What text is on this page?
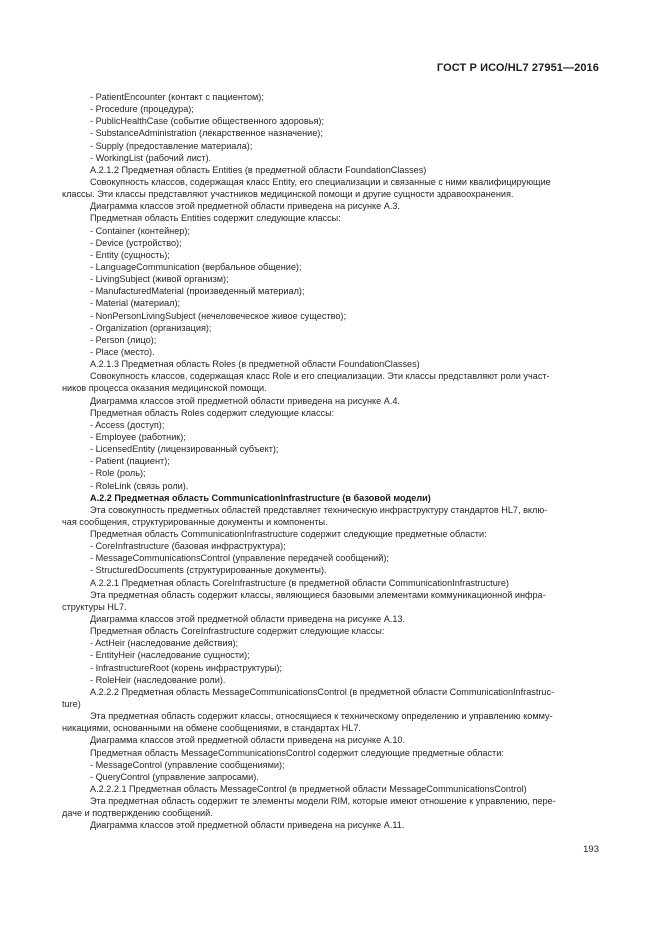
ГОСТ Р ИСО/HL7 27951—2016
- PatientEncounter (контакт с пациентом);
- Procedure (процедура);
- PublicHealthCase (событие общественного здоровья);
- SubstanceAdministration (лекарственное назначение);
- Supply (предоставление материала);
- WorkingList (рабочий лист).
A.2.1.2 Предметная область Entities (в предметной области FoundationClasses)
Совокупность классов, содержащая класс Entity, его специализации и связанные с ними квалифицирующие
классы. Эти классы представляют участников медицинской помощи и другие сущности здравоохранения.
Диаграмма классов этой предметной области приведена на рисунке А.3.
Предметная область Entities содержит следующие классы:
- Container (контейнер);
- Device (устройство);
- Entity (сущность);
- LanguageCommunication (вербальное общение);
- LivingSubject (живой организм);
- ManufacturedMaterial (произведенный материал);
- Material (материал);
- NonPersonLivingSubject (нечеловеческое живое существо);
- Organization (организация);
- Person (лицо);
- Place (место).
A.2.1.3 Предметная область Roles (в предметной области FoundationClasses)
Совокупность классов, содержащая класс Role и его специализации. Эти классы представляют роли участ-
ников процесса оказания медицинской помощи.
Диаграмма классов этой предметной области приведена на рисунке А.4.
Предметная область Roles содержит следующие классы:
- Access (доступ);
- Employee (работник);
- LicensedEntity (лицензированный субъект);
- Patient (пациент);
- Role (роль);
- RoleLink (связь роли).
A.2.2 Предметная область CommunicationInfrastructure (в базовой модели)
Эта совокупность предметных областей представляет техническую инфраструктуру стандартов HL7, вклю-
чая сообщения, структурированные документы и компоненты.
Предметная область CommunicationInfrastructure содержит следующие предметные области:
- CoreInfrastructure (базовая инфраструктура);
- MessageCommunicationsControl (управление передачей сообщений);
- StructuredDocuments (структурированные документы).
A.2.2.1 Предметная область CoreInfrastructure (в предметной области CommunicationInfrastructure)
Эта предметная область содержит классы, являющиеся базовыми элементами коммуникационной инфра-
структуры HL7.
Диаграмма классов этой предметной области приведена на рисунке А.13.
Предметная область CoreInfrastructure содержит следующие классы:
- ActHeir (наследование действия);
- EntityHeir (наследование сущности);
- InfrastructureRoot (корень инфраструктуры);
- RoleHeir (наследование роли).
A.2.2.2 Предметная область MessageCommunicationsControl (в предметной области CommunicationInfrastruc-
ture)
Эта предметная область содержит классы, относящиеся к техническому определению и управлению комму-
никациями, основанными на обмене сообщениями, в стандартах HL7.
Диаграмма классов этой предметной области приведена на рисунке А.10.
Предметная область MessageCommunicationsControl содержит следующие предметные области:
- MessageControl (управление сообщениями);
- QueryControl (управление запросами).
A.2.2.2.1 Предметная область MessageControl (в предметной области MessageCommunicationsControl)
Эта предметная область содержит те элементы модели RIM, которые имеют отношение к управлению, пере-
даче и подтверждению сообщений.
Диаграмма классов этой предметной области приведена на рисунке А.11.
193
